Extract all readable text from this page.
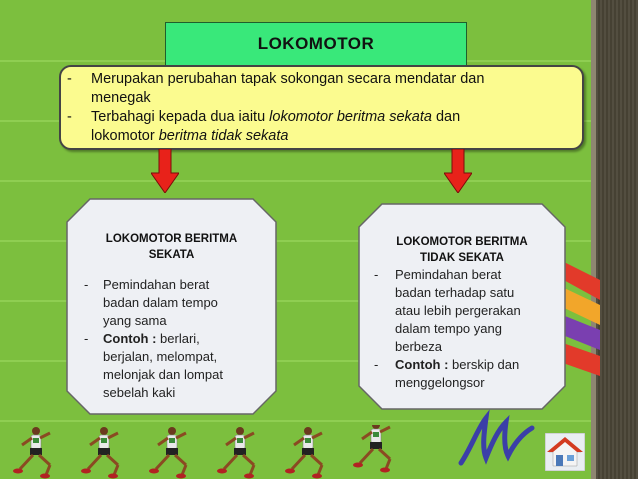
LOKOMOTOR
- Merupakan perubahan tapak sokongan secara mendatar dan
menegak
- Terbahagi kepada dua iaitu lokomotor beritma sekata dan
lokomotor beritma tidak sekata
LOKOMOTOR BERITMA
SEKATA
- Pemindahan berat
badan dalam tempo
yang sama
- Contoh : berlari,
berjalan, melompat,
melonjak dan lompat
sebelah kaki
LOKOMOTOR BERITMA
TIDAK SEKATA
- Pemindahan berat
badan terhadap satu
atau lebih pergerakan
dalam tempo yang
berbeza
- Contoh : berskip dan
menggelongsor
